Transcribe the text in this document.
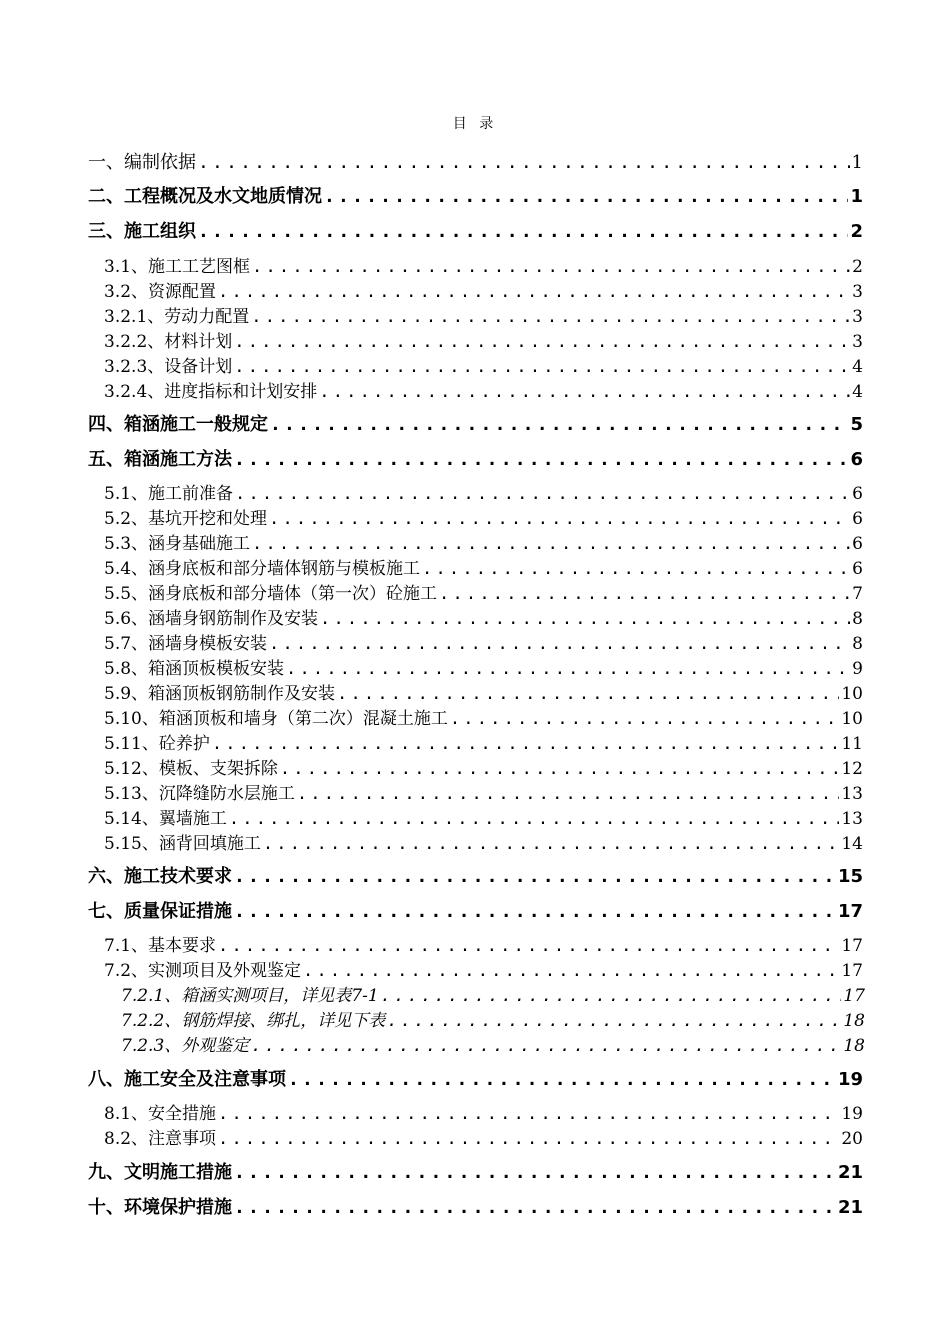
目 录
一、编制依据 .....	1
二、工程概况及水文地质情况 .....	1
三、施工组织 .....	2
3.1、施工工艺图框 .....	2
3.2、资源配置 .....	3
3.2.1、劳动力配置 .....	3
3.2.2、材料计划 .....	3
3.2.3、设备计划 .....	4
3.2.4、进度指标和计划安排 .....	4
四、箱涵施工一般规定 .....	5
五、箱涵施工方法 .....	6
5.1、施工前准备 .....	6
5.2、基坑开挖和处理 .....	6
5.3、涵身基础施工 .....	6
5.4、涵身底板和部分墙体钢筋与模板施工 .....	6
5.5、涵身底板和部分墙体（第一次）砼施工 .....	7
5.6、涵墙身钢筋制作及安装 .....	8
5.7、涵墙身模板安装 .....	8
5.8、箱涵顶板模板安装 .....	9
5.9、箱涵顶板钢筋制作及安装 .....	10
5.10、箱涵顶板和墙身（第二次）混凝土施工 .....	10
5.11、砼养护 .....	11
5.12、模板、支架拆除 .....	12
5.13、沉降缝防水层施工 .....	13
5.14、翼墙施工 .....	13
5.15、涵背回填施工 .....	14
六、施工技术要求 .....	15
七、质量保证措施 .....	17
7.1、基本要求 .....	17
7.2、实测项目及外观鉴定 .....	17
7.2.1、箱涵实测项目，详见表7-1 .....	17
7.2.2、钢筋焊接、绑扎，详见下表 .....	18
7.2.3、外观鉴定 .....	18
八、施工安全及注意事项 .....	19
8.1、安全措施 .....	19
8.2、注意事项 .....	20
九、文明施工措施 .....	21
十、环境保护措施 .....	21
